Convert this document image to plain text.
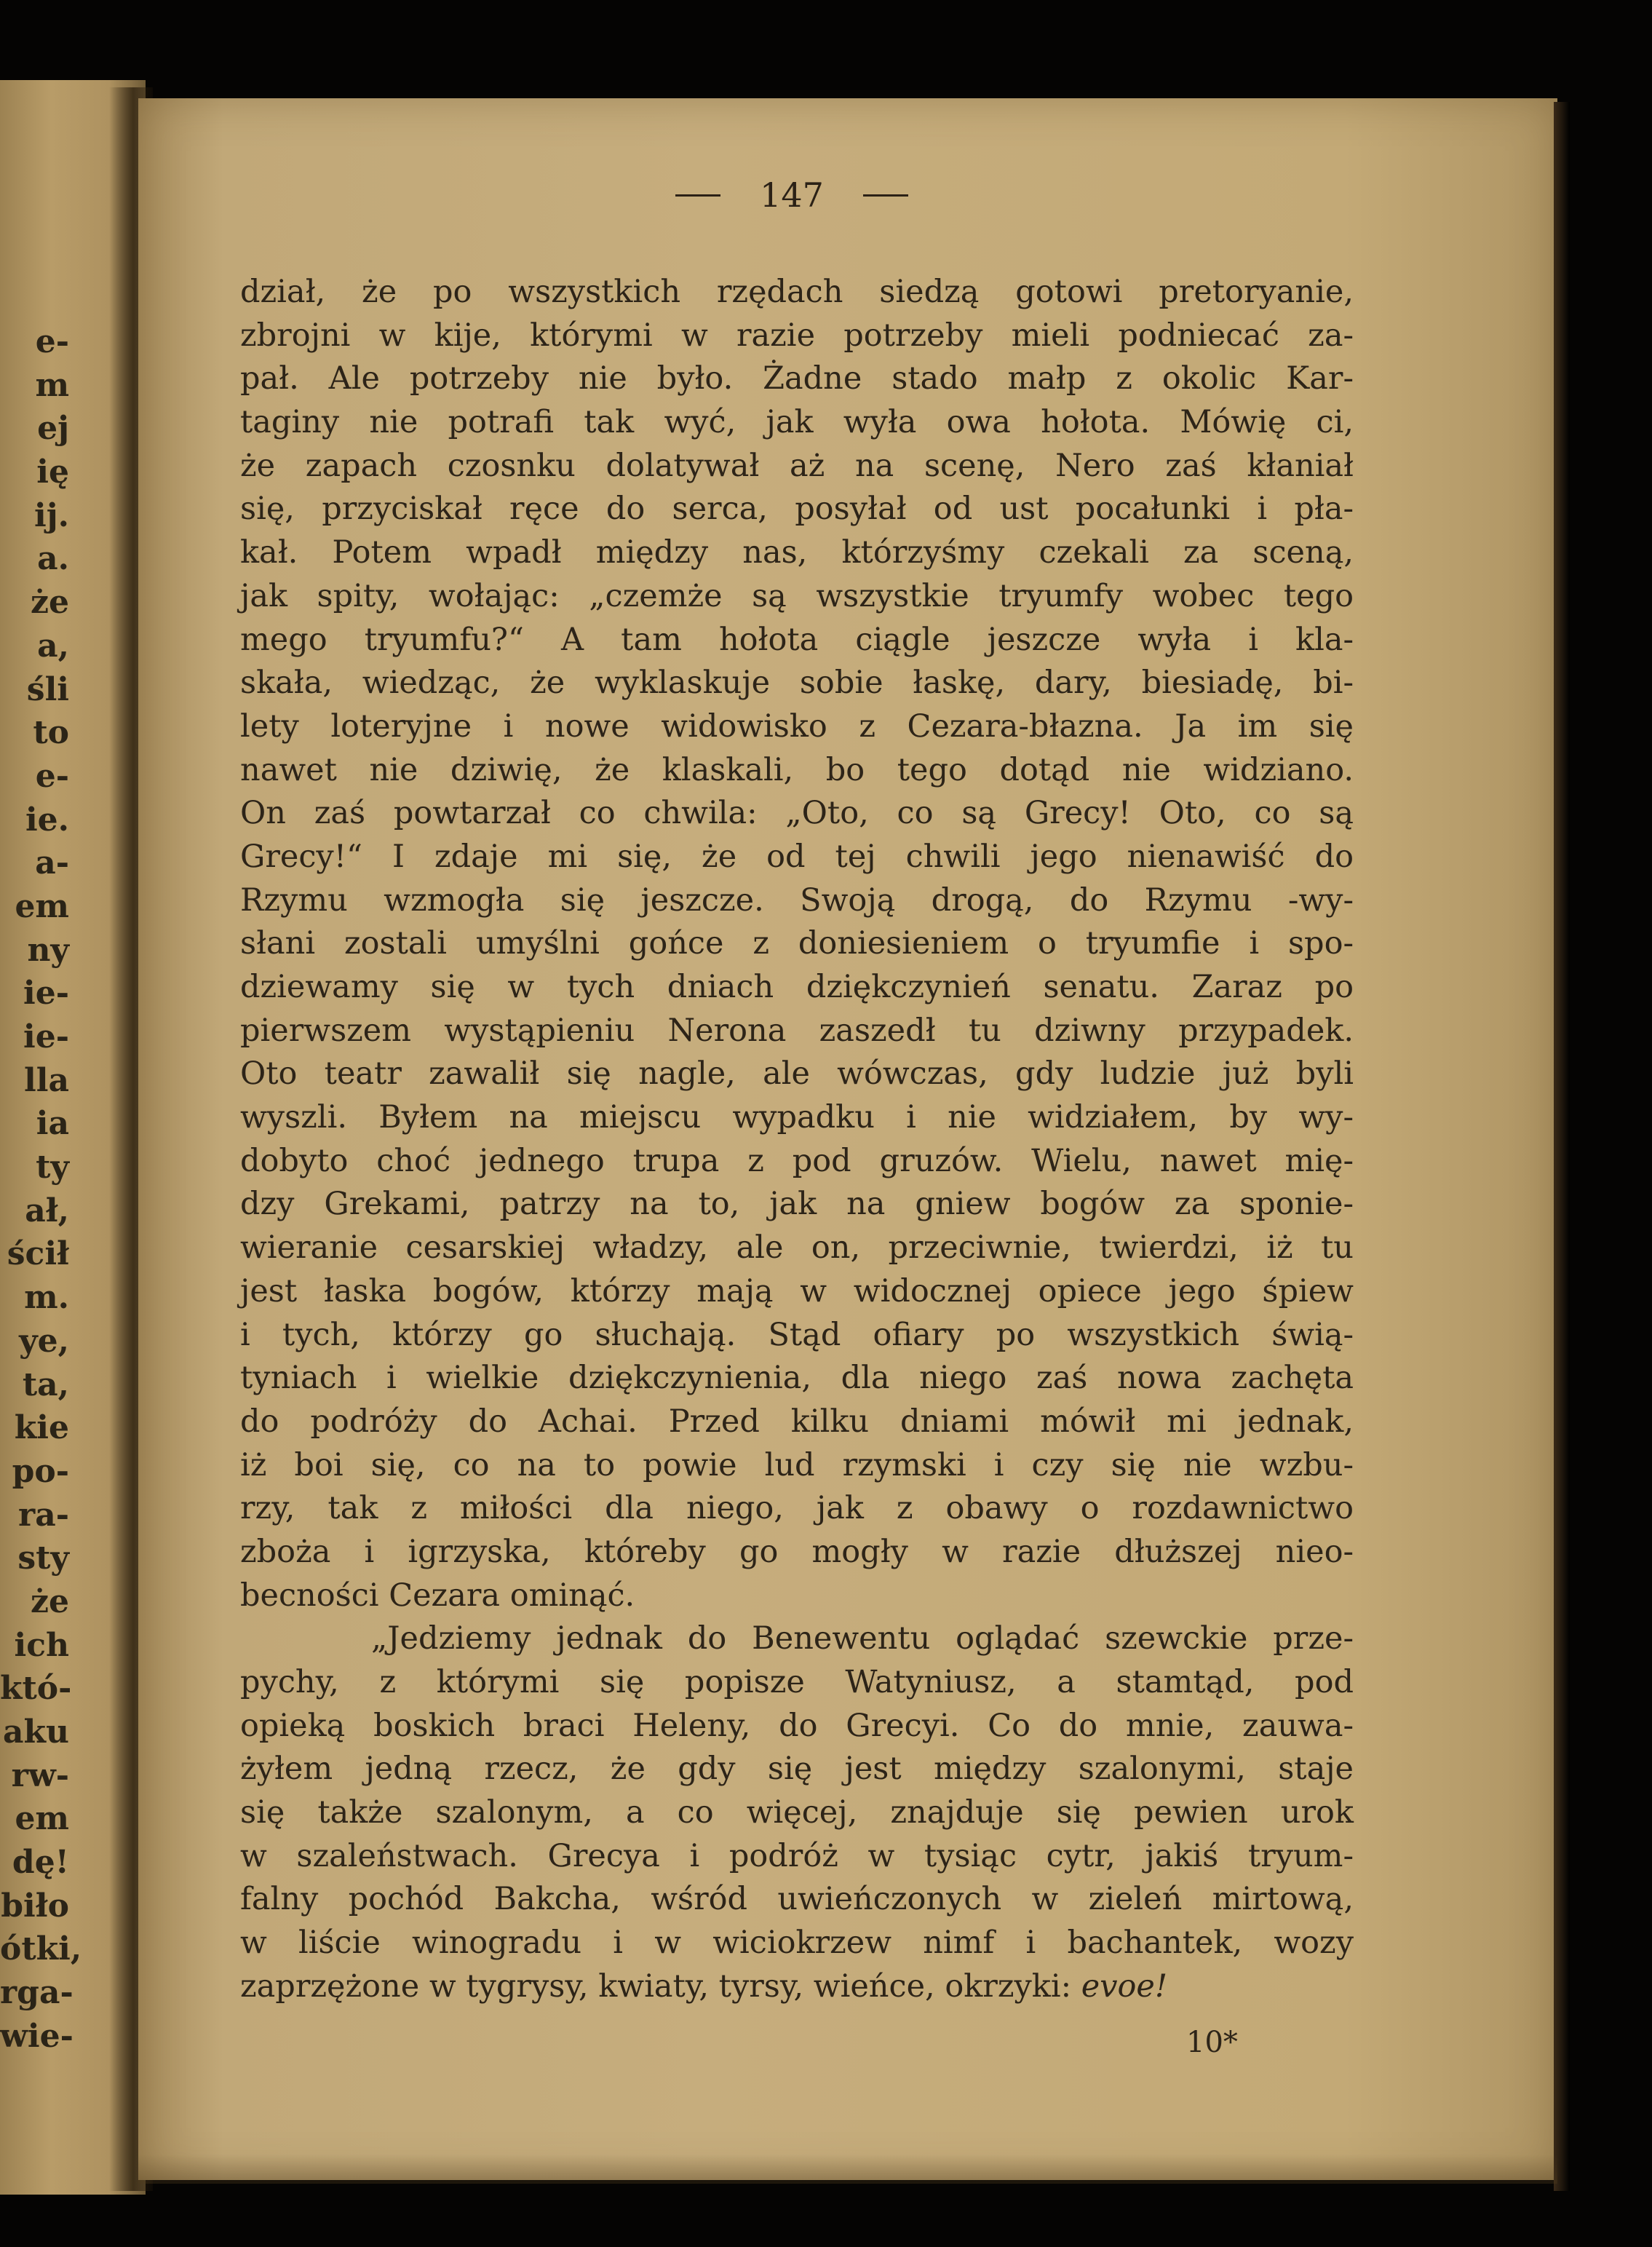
e-
m
ej
ię
ij.
a.
że
a,
śli
to
e-
ie.
a-
em
ny
ie-
ie-
lla
ia
ty
ał,
ścił
m.
ye,
ta,
kie
po-
ra-
sty
że
ich
któ-
aku
rw-
em
dę!
biło
ótki,
rga-
wie-
147
dział, że po wszystkich rzędach siedzą gotowi pretoryanie,
zbrojni w kije, którymi w razie potrzeby mieli podniecać za-
pał. Ale potrzeby nie było. Żadne stado małp z okolic Kar-
taginy nie potrafi tak wyć, jak wyła owa hołota. Mówię ci,
że zapach czosnku dolatywał aż na scenę, Nero zaś kłaniał
się, przyciskał ręce do serca, posyłał od ust pocałunki i pła-
kał. Potem wpadł między nas, którzyśmy czekali za sceną,
jak spity, wołając: „czemże są wszystkie tryumfy wobec tego
mego tryumfu?“ A tam hołota ciągle jeszcze wyła i kla-
skała, wiedząc, że wyklaskuje sobie łaskę, dary, biesiadę, bi-
lety loteryjne i nowe widowisko z Cezara-błazna. Ja im się
nawet nie dziwię, że klaskali, bo tego dotąd nie widziano.
On zaś powtarzał co chwila: „Oto, co są Grecy! Oto, co są
Grecy!“ I zdaje mi się, że od tej chwili jego nienawiść do
Rzymu wzmogła się jeszcze. Swoją drogą, do Rzymu -wy-
słani zostali umyślni gońce z doniesieniem o tryumfie i spo-
dziewamy się w tych dniach dziękczynień senatu. Zaraz po
pierwszem wystąpieniu Nerona zaszedł tu dziwny przypadek.
Oto teatr zawalił się nagle, ale wówczas, gdy ludzie już byli
wyszli. Byłem na miejscu wypadku i nie widziałem, by wy-
dobyto choć jednego trupa z pod gruzów. Wielu, nawet mię-
dzy Grekami, patrzy na to, jak na gniew bogów za sponie-
wieranie cesarskiej władzy, ale on, przeciwnie, twierdzi, iż tu
jest łaska bogów, którzy mają w widocznej opiece jego śpiew
i tych, którzy go słuchają. Stąd ofiary po wszystkich świą-
tyniach i wielkie dziękczynienia, dla niego zaś nowa zachęta
do podróży do Achai. Przed kilku dniami mówił mi jednak,
iż boi się, co na to powie lud rzymski i czy się nie wzbu-
rzy, tak z miłości dla niego, jak z obawy o rozdawnictwo
zboża i igrzyska, któreby go mogły w razie dłuższej nieo-
becności Cezara ominąć.
„Jedziemy jednak do Benewentu oglądać szewckie prze-
pychy, z którymi się popisze Watyniusz, a stamtąd, pod
opieką boskich braci Heleny, do Grecyi. Co do mnie, zauwa-
żyłem jedną rzecz, że gdy się jest między szalonymi, staje
się także szalonym, a co więcej, znajduje się pewien urok
w szaleństwach. Grecya i podróż w tysiąc cytr, jakiś tryum-
falny pochód Bakcha, wśród uwieńczonych w zieleń mirtową,
w liście winogradu i w wiciokrzew nimf i bachantek, wozy
zaprzężone w tygrysy, kwiaty, tyrsy, wieńce, okrzyki: evoe!
10*
